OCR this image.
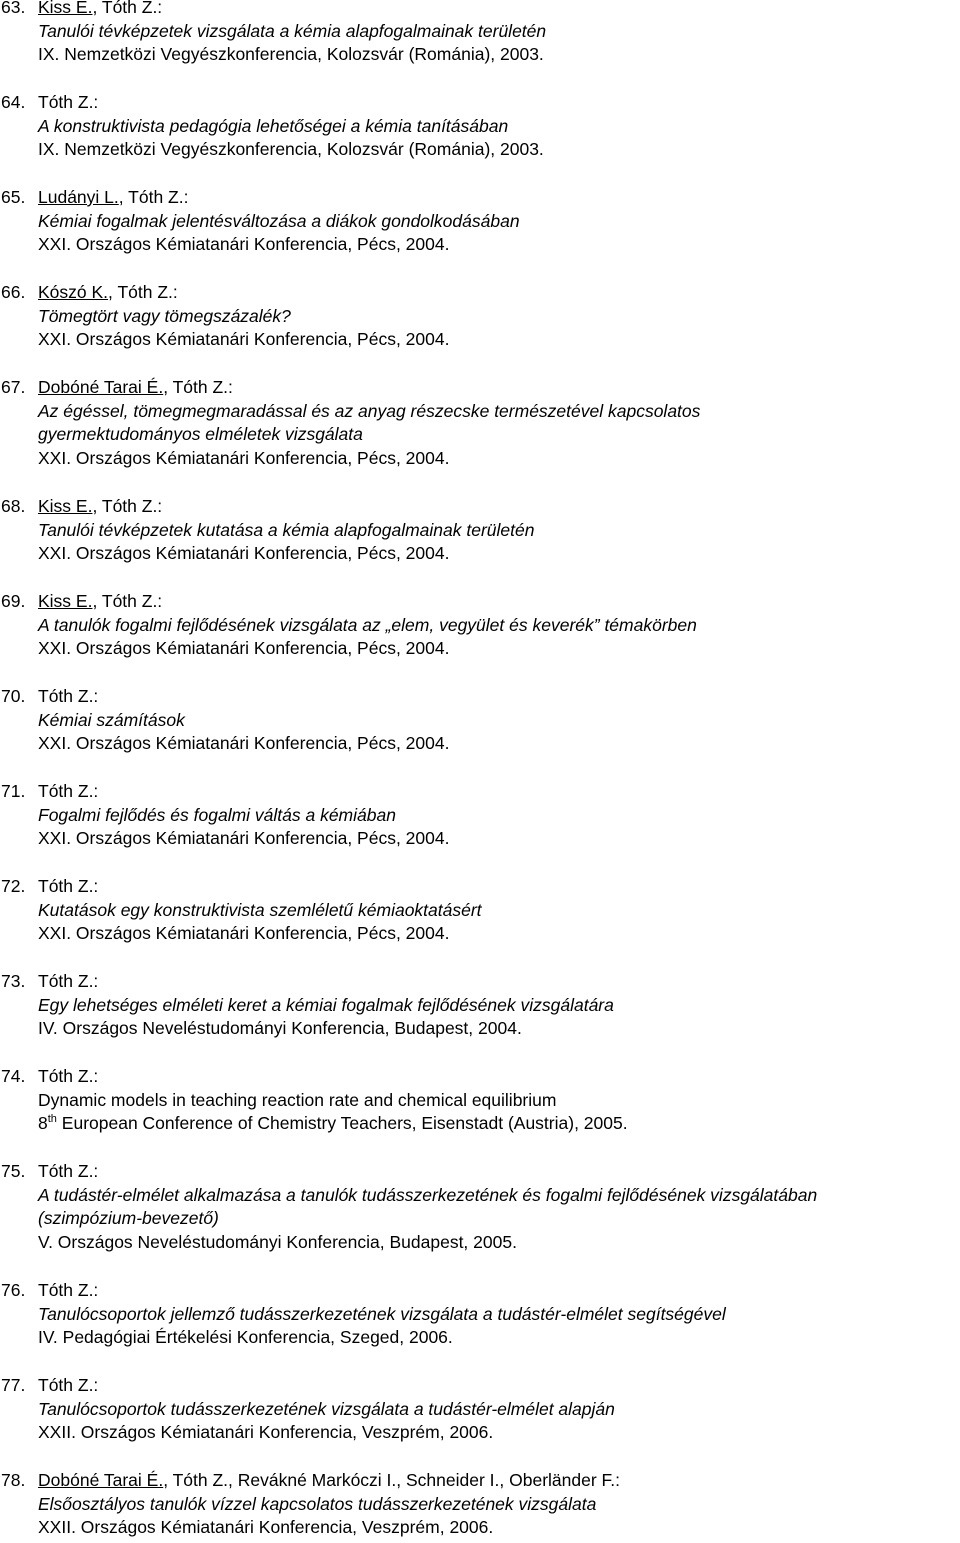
63. Kiss E., Tóth Z.:
Tanulói tévképzetek vizsgálata a kémia alapfogalmainak területén
IX. Nemzetközi Vegyészkonferencia, Kolozsvár (Románia), 2003.
64. Tóth Z.:
A konstruktivista pedagógia lehetőségei a kémia tanításában
IX. Nemzetközi Vegyészkonferencia, Kolozsvár (Románia), 2003.
65. Ludányi L., Tóth Z.:
Kémiai fogalmak jelentésváltozása a diákok gondolkodásában
XXI. Országos Kémiatanári Konferencia, Pécs, 2004.
66. Kószó K., Tóth Z.:
Tömegtört vagy tömegszázalék?
XXI. Országos Kémiatanári Konferencia, Pécs, 2004.
67. Dobóné Tarai É., Tóth Z.:
Az égéssel, tömegmegmaradással és az anyag részecske természetével kapcsolatos
gyermektudományos elméletek vizsgálata
XXI. Országos Kémiatanári Konferencia, Pécs, 2004.
68. Kiss E., Tóth Z.:
Tanulói tévképzetek kutatása a kémia alapfogalmainak területén
XXI. Országos Kémiatanári Konferencia, Pécs, 2004.
69. Kiss E., Tóth Z.:
A tanulók fogalmi fejlődésének vizsgálata az „elem, vegyület és keverék” témakörben
XXI. Országos Kémiatanári Konferencia, Pécs, 2004.
70. Tóth Z.:
Kémiai számítások
XXI. Országos Kémiatanári Konferencia, Pécs, 2004.
71. Tóth Z.:
Fogalmi fejlődés és fogalmi váltás a kémiában
XXI. Országos Kémiatanári Konferencia, Pécs, 2004.
72. Tóth Z.:
Kutatások egy konstruktivista szemléletű kémiaoktatásért
XXI. Országos Kémiatanári Konferencia, Pécs, 2004.
73. Tóth Z.:
Egy lehetséges elméleti keret a kémiai fogalmak fejlődésének vizsgálatára
IV. Országos Neveléstudományi Konferencia, Budapest, 2004.
74. Tóth Z.:
Dynamic models in teaching reaction rate and chemical equilibrium
8th European Conference of Chemistry Teachers, Eisenstadt (Austria), 2005.
75. Tóth Z.:
A tudástér-elmélet alkalmazása a tanulók tudásszerkezetének és fogalmi fejlődésének vizsgálatában
(szimpózium-bevezető)
V. Országos Neveléstudományi Konferencia, Budapest, 2005.
76. Tóth Z.:
Tanulócsoportok jellemző tudásszerkezetének vizsgálata a tudástér-elmélet segítségével
IV. Pedagógiai Értékelési Konferencia, Szeged, 2006.
77. Tóth Z.:
Tanulócsoportok tudásszerkezetének vizsgálata a tudástér-elmélet alapján
XXII. Országos Kémiatanári Konferencia, Veszprém, 2006.
78. Dobóné Tarai É., Tóth Z., Revákné Markóczi I., Schneider I., Oberländer F.:
Elsőosztályos tanulók vízzel kapcsolatos tudásszerkezetének vizsgálata
XXII. Országos Kémiatanári Konferencia, Veszprém, 2006.
